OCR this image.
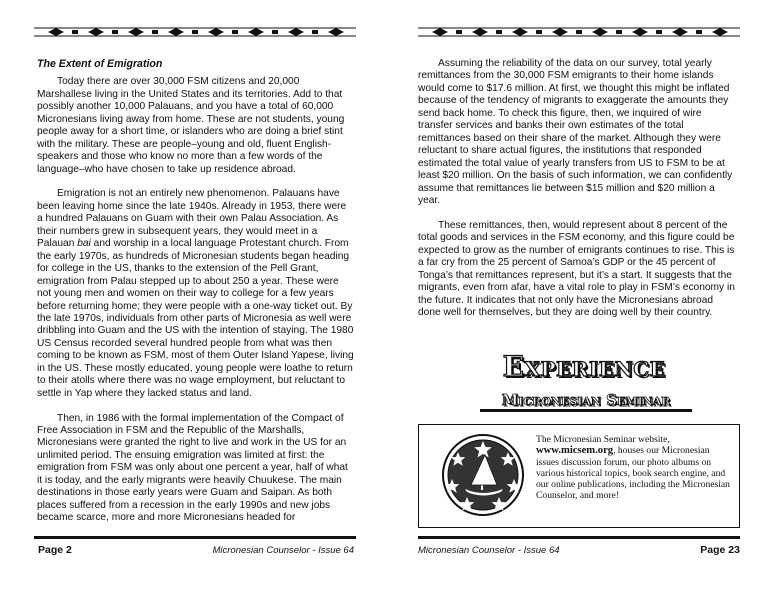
The Extent of Emigration

Today there are over 30,000 FSM citizens and 20,000 Marshallese living in the United States and its territories. Add to that possibly another 10,000 Palauans, and you have a total of 60,000 Micronesians living away from home. These are not students, young people away for a short time, or islanders who are doing a brief stint with the military. These are people–young and old, fluent English-speakers and those who know no more than a few words of the language–who have chosen to take up residence abroad.

Emigration is not an entirely new phenomenon. Palauans have been leaving home since the late 1940s. Already in 1953, there were a hundred Palauans on Guam with their own Palau Association. As their numbers grew in subsequent years, they would meet in a Palauan bai and worship in a local language Protestant church. From the early 1970s, as hundreds of Micronesian students began heading for college in the US, thanks to the extension of the Pell Grant, emigration from Palau stepped up to about 250 a year. These were not young men and women on their way to college for a few years before returning home; they were people with a one-way ticket out. By the late 1970s, individuals from other parts of Micronesia as well were dribbling into Guam and the US with the intention of staying. The 1980 US Census recorded several hundred people from what was then coming to be known as FSM, most of them Outer Island Yapese, living in the US. These mostly educated, young people were loathe to return to their atolls where there was no wage employment, but reluctant to settle in Yap where they lacked status and land.

Then, in 1986 with the formal implementation of the Compact of Free Association in FSM and the Republic of the Marshalls, Micronesians were granted the right to live and work in the US for an unlimited period. The ensuing emigration was limited at first: the emigration from FSM was only about one percent a year, half of what it is today, and the early migrants were heavily Chuukese. The main destinations in those early years were Guam and Saipan. As both places suffered from a recession in the early 1990s and new jobs became scarce, more and more Micronesians headed for

Page 2	Micronesian Counselor - Issue 64

Assuming the reliability of the data on our survey, total yearly remittances from the 30,000 FSM emigrants to their home islands would come to $17.6 million. At first, we thought this might be inflated because of the tendency of migrants to exaggerate the amounts they send back home. To check this figure, then, we inquired of wire transfer services and banks their own estimates of the total remittances based on their share of the market. Although they were reluctant to share actual figures, the institutions that responded estimated the total value of yearly transfers from US to FSM to be at least $20 million. On the basis of such information, we can confidently assume that remittances lie between $15 million and $20 million a year.

These remittances, then, would represent about 8 percent of the total goods and services in the FSM economy, and this figure could be expected to grow as the number of emigrants continues to rise. This is a far cry from the 25 percent of Samoa’s GDP or the 45 percent of Tonga’s that remittances represent, but it’s a start. It suggests that the migrants, even from afar, have a vital role to play in FSM’s economy in the future. It indicates that not only have the Micronesians abroad done well for themselves, but they are doing well by their country.

Experience
Micronesian Seminar
The Micronesian Seminar website, www.micsem.org, houses our Micronesian issues discussion forum, our photo albums on various historical topics, book search engine, and our online publications, including the Micronesian Counselor, and more!
Micronesian Counselor - Issue 64	Page 23
